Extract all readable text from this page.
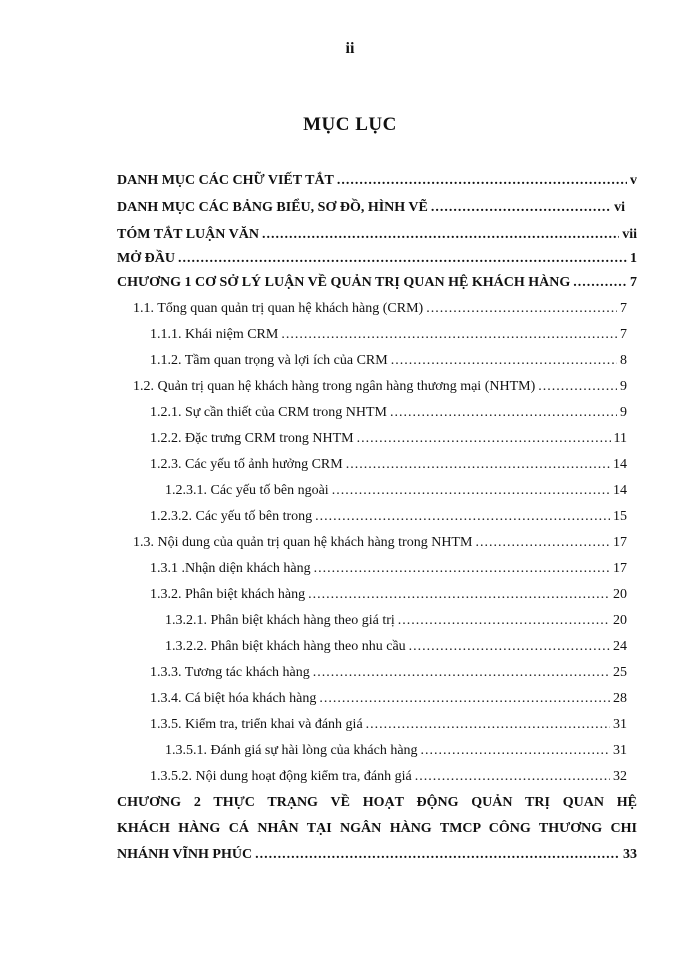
ii
MỤC LỤC
DANH MỤC CÁC CHỮ VIẾT TẮT .....	v
DANH MỤC CÁC BẢNG BIỂU, SƠ ĐỒ, HÌNH VẼ .....	vi
TÓM TẮT LUẬN VĂN .....	vii
MỞ ĐẦU .....	1
CHƯƠNG 1 CƠ SỞ LÝ LUẬN VỀ QUẢN TRỊ QUAN HỆ KHÁCH HÀNG .....	7
1.1. Tổng quan quản trị quan hệ khách hàng (CRM) .....	7
1.1.1. Khái niệm CRM .....	7
1.1.2. Tầm quan trọng và lợi ích của CRM .....	8
1.2. Quản trị quan hệ khách hàng trong ngân hàng thương mại (NHTM) .....	9
1.2.1. Sự cần thiết của CRM trong NHTM .....	9
1.2.2. Đặc trưng CRM trong NHTM .....	11
1.2.3. Các yếu tố ảnh hưởng CRM .....	14
1.2.3.1. Các yếu tố bên ngoài .....	14
1.2.3.2. Các yếu tố bên trong .....	15
1.3. Nội dung của quản trị quan hệ khách hàng trong NHTM .....	17
1.3.1 .Nhận diện khách hàng .....	17
1.3.2. Phân biệt khách hàng .....	20
1.3.2.1. Phân biệt khách hàng theo giá trị .....	20
1.3.2.2. Phân biệt khách hàng theo nhu cầu .....	24
1.3.3. Tương tác khách hàng .....	25
1.3.4. Cá biệt hóa khách hàng .....	28
1.3.5. Kiểm tra, triển khai và đánh giá .....	31
1.3.5.1. Đánh giá sự hài lòng của khách hàng .....	31
1.3.5.2. Nội dung hoạt động kiểm tra, đánh giá .....	32
CHƯƠNG 2 THỰC TRẠNG VỀ HOẠT ĐỘNG QUẢN TRỊ QUAN HỆ
KHÁCH HÀNG CÁ NHÂN TẠI NGÂN HÀNG TMCP CÔNG THƯƠNG CHI
NHÁNH VĨNH PHÚC .....	33
